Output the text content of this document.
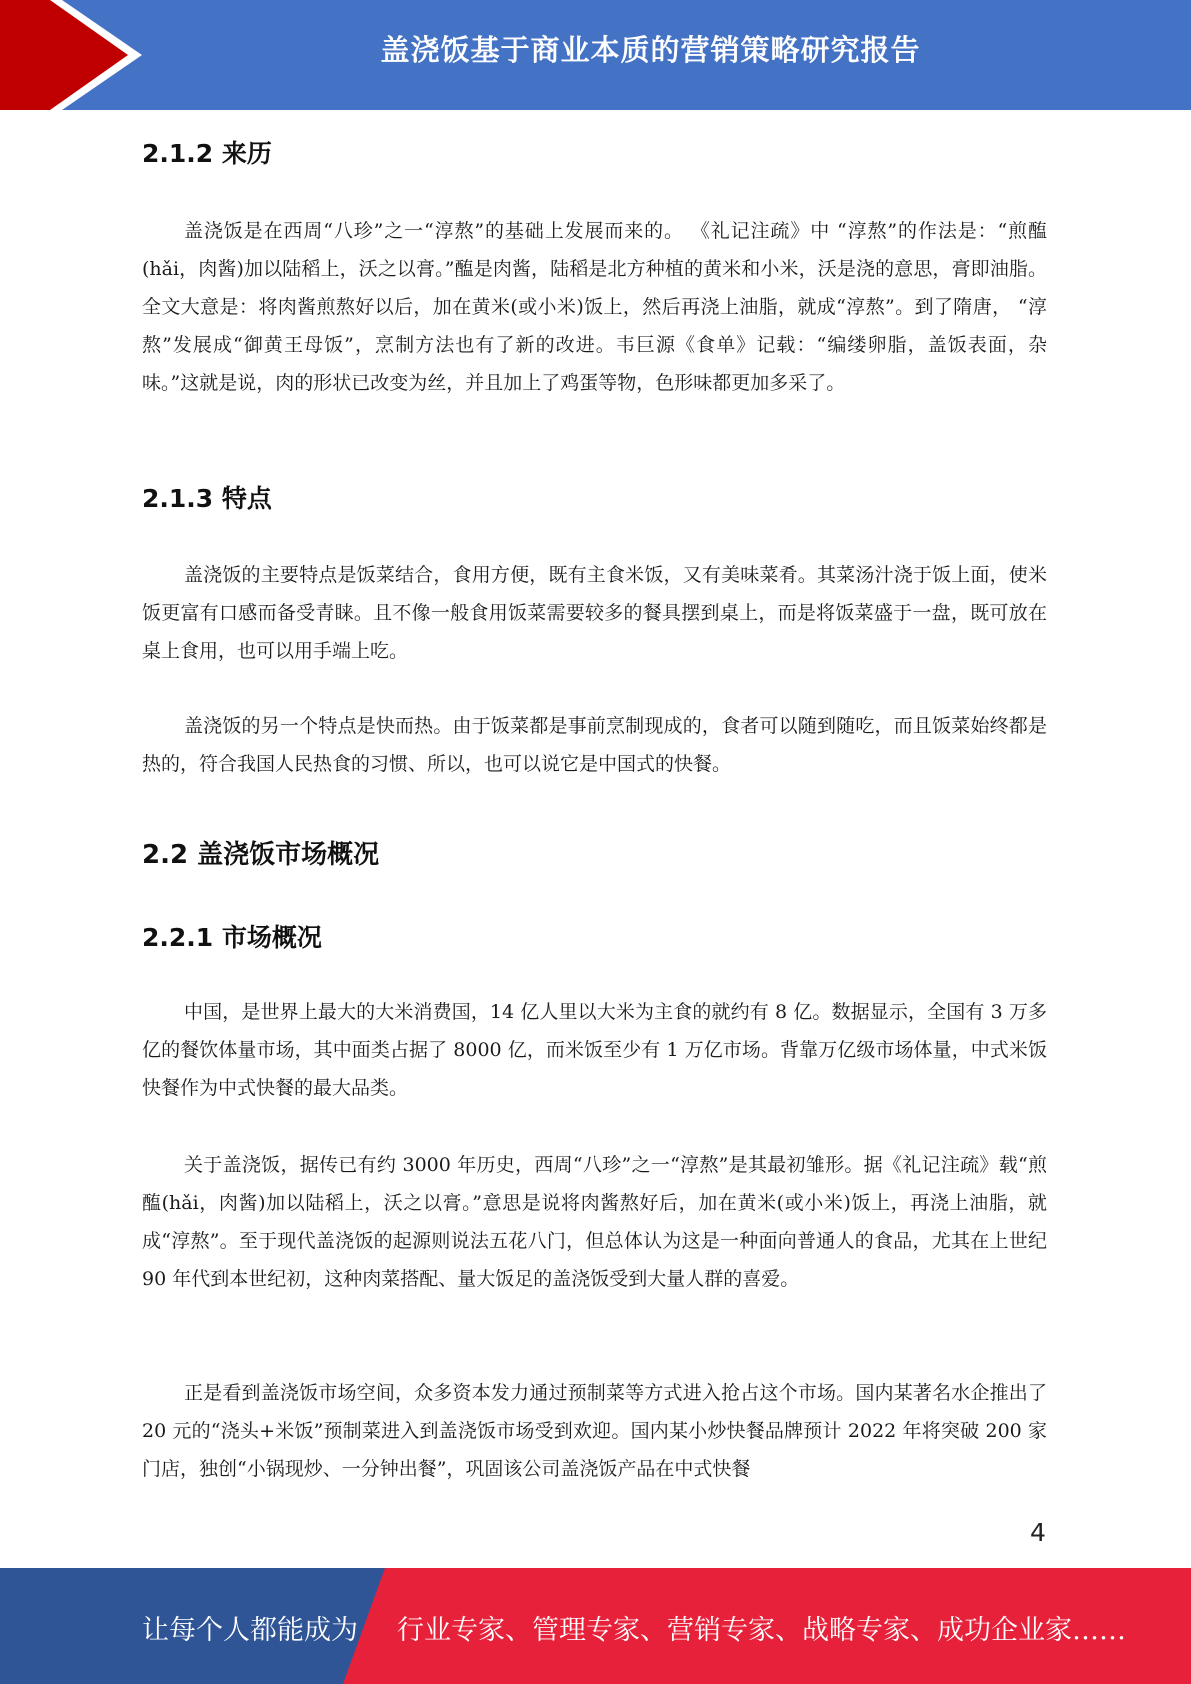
盖浇饭基于商业本质的营销策略研究报告
2.1.2 来历

盖浇饭是在西周“八珍”之一“淳熬”的基础上发展而来的。 《礼记注疏》中 “淳熬”的作法是：“煎醢(hǎi，肉酱)加以陆稻上，沃之以膏。”醢是肉酱，陆稻是北方种植的黄米和小米，沃是浇的意思，膏即油脂。全文大意是：将肉酱煎熬好以后，加在黄米(或小米)饭上，然后再浇上油脂，就成“淳熬”。到了隋唐， “淳熬”发展成“御黄王母饭”，烹制方法也有了新的改进。韦巨源《食单》记载：“编缕卵脂，盖饭表面，杂味。”这就是说，肉的形状已改变为丝，并且加上了鸡蛋等物，色形味都更加多采了。

2.1.3 特点

盖浇饭的主要特点是饭菜结合，食用方便，既有主食米饭，又有美味菜肴。其菜汤汁浇于饭上面，使米饭更富有口感而备受青睐。且不像一般食用饭菜需要较多的餐具摆到桌上，而是将饭菜盛于一盘，既可放在桌上食用，也可以用手端上吃。

盖浇饭的另一个特点是快而热。由于饭菜都是事前烹制现成的，食者可以随到随吃，而且饭菜始终都是热的，符合我国人民热食的习惯、所以，也可以说它是中国式的快餐。

2.2 盖浇饭市场概况
2.2.1 市场概况

中国，是世界上最大的大米消费国，14 亿人里以大米为主食的就约有 8 亿。数据显示，全国有 3 万多亿的餐饮体量市场，其中面类占据了 8000 亿，而米饭至少有 1 万亿市场。背靠万亿级市场体量，中式米饭快餐作为中式快餐的最大品类。

关于盖浇饭，据传已有约 3000 年历史，西周“八珍”之一“淳熬”是其最初雏形。据《礼记注疏》载“煎醢(hǎi，肉酱)加以陆稻上，沃之以膏。”意思是说将肉酱熬好后，加在黄米(或小米)饭上，再浇上油脂，就成“淳熬”。至于现代盖浇饭的起源则说法五花八门，但总体认为这是一种面向普通人的食品，尤其在上世纪 90 年代到本世纪初，这种肉菜搭配、量大饭足的盖浇饭受到大量人群的喜爱。

正是看到盖浇饭市场空间，众多资本发力通过预制菜等方式进入抢占这个市场。国内某著名水企推出了 20 元的“浇头+米饭”预制菜进入到盖浇饭市场受到欢迎。国内某小炒快餐品牌预计 2022 年将突破 200 家门店，独创“小锅现炒、一分钟出餐”，巩固该公司盖浇饭产品在中式快餐

4
让每个人都能成为 行业专家、管理专家、营销专家、战略专家、成功企业家……
